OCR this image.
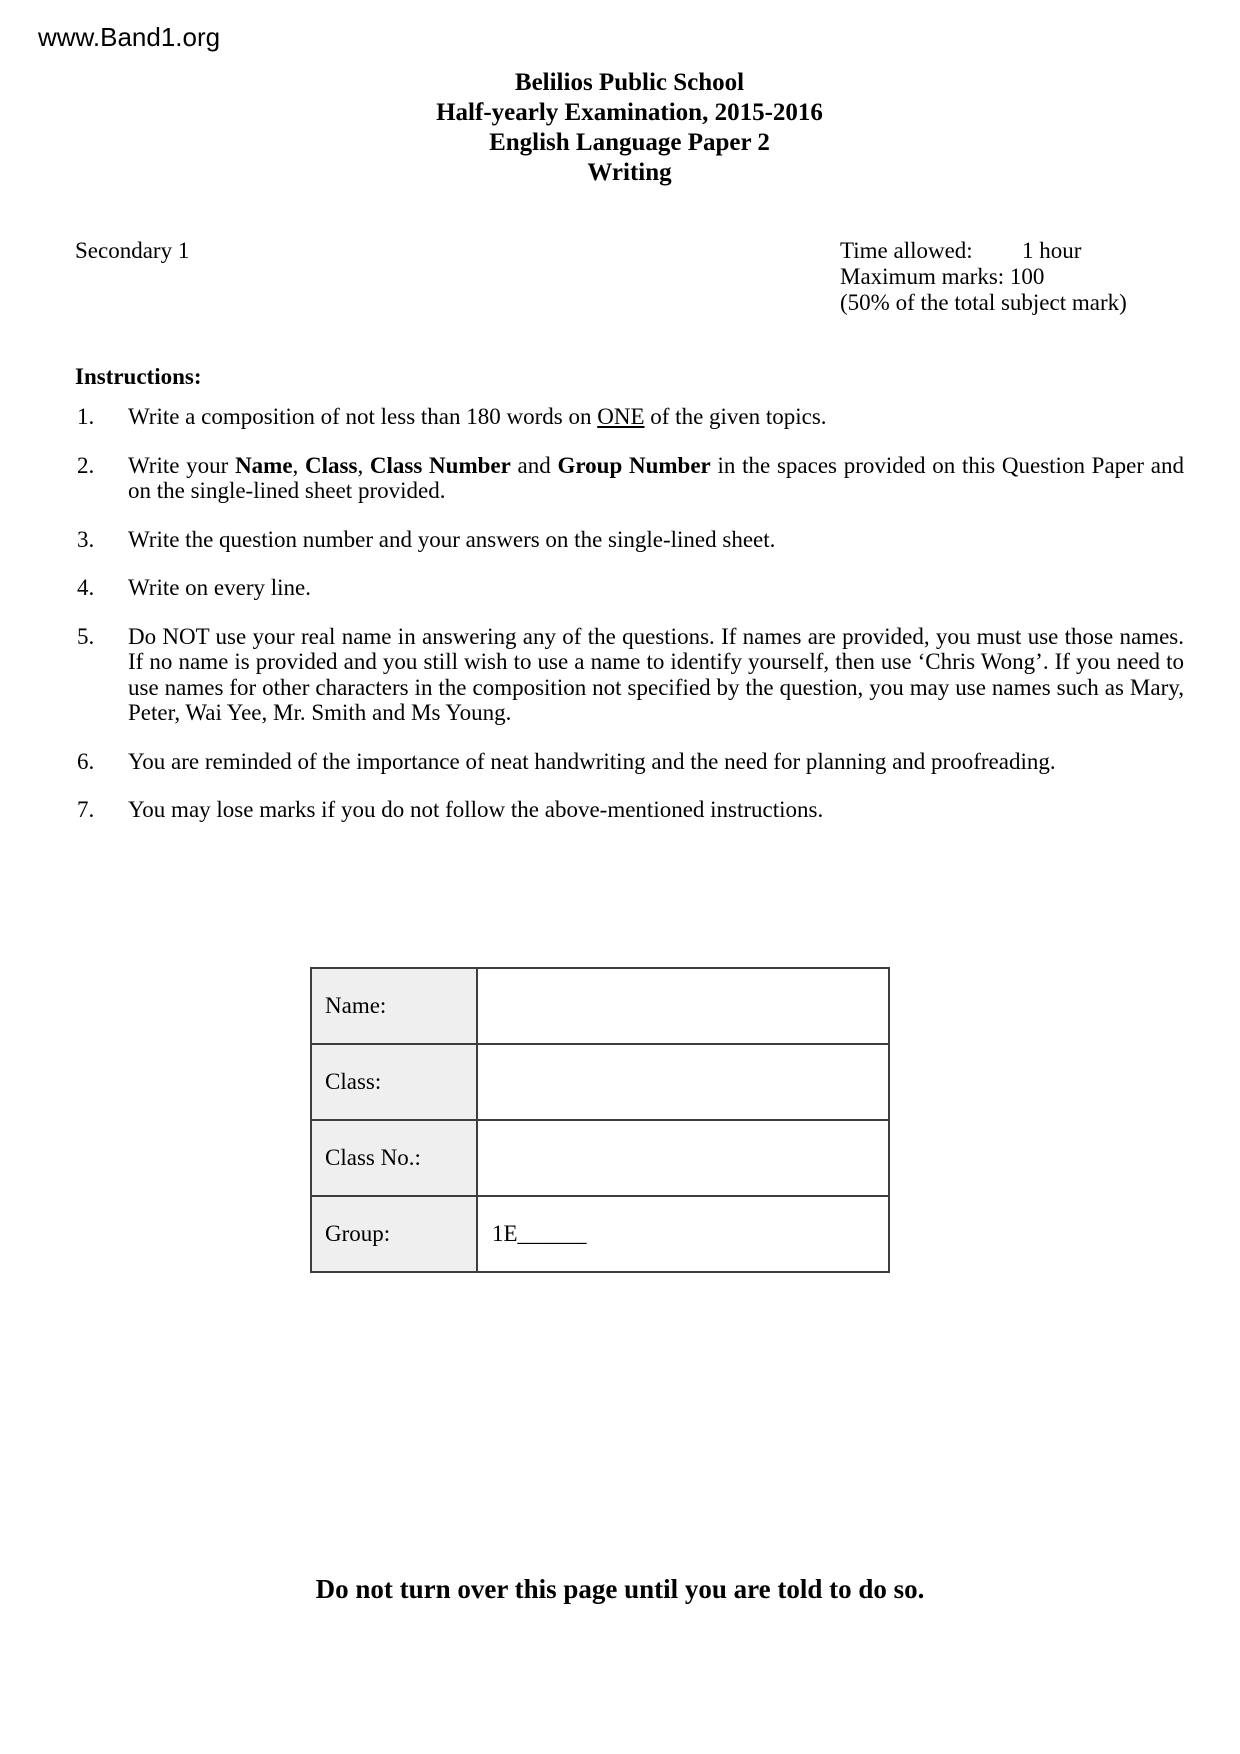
www.Band1.org
Belilios Public School
Half-yearly Examination, 2015-2016
English Language Paper 2
Writing
Secondary 1	Time allowed: 1 hour
Maximum marks: 100
(50% of the total subject mark)
Instructions:
1. Write a composition of not less than 180 words on ONE of the given topics.
2. Write your Name, Class, Class Number and Group Number in the spaces provided on this Question Paper and on the single-lined sheet provided.
3. Write the question number and your answers on the single-lined sheet.
4. Write on every line.
5. Do NOT use your real name in answering any of the questions. If names are provided, you must use those names. If no name is provided and you still wish to use a name to identify yourself, then use ‘Chris Wong’. If you need to use names for other characters in the composition not specified by the question, you may use names such as Mary, Peter, Wai Yee, Mr. Smith and Ms Young.
6. You are reminded of the importance of neat handwriting and the need for planning and proofreading.
7. You may lose marks if you do not follow the above-mentioned instructions.
Name:	
Class:	
Class No.:	
Group:	1E______
Do not turn over this page until you are told to do so.
